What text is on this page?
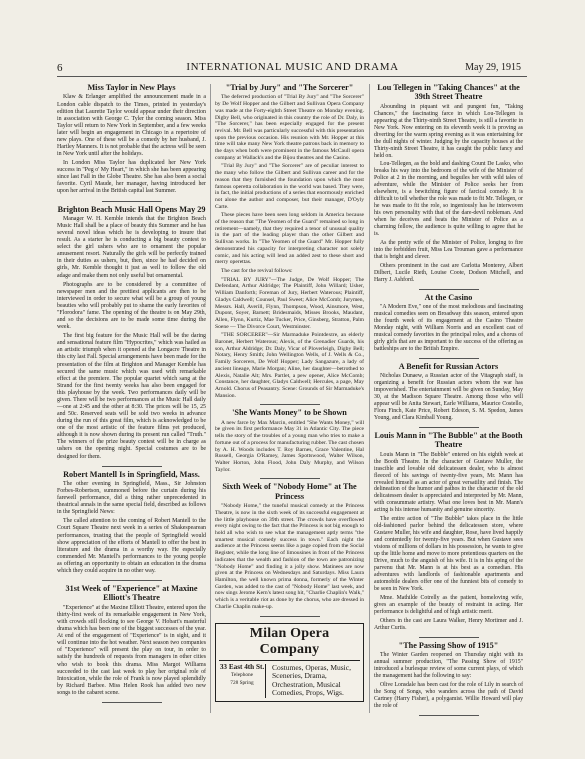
6	INTERNATIONAL MUSIC AND DRAMA	May 29, 1915
Miss Taylor in New Plays

Klaw & Erlanger amplified the announcement made in a London cable dispatch to the Times, printed in yesterday's edition that Laurette Taylor would appear under their direction in association with George C. Tyler the coming season. Miss Taylor will return to New York in September, and a few weeks later will begin an engagement in Chicago in a repertoire of new plays. One of these will be a comedy by her husband, J. Hartley Manners. It is not probable that the actress will be seen in New York until after the holidays.

In London Miss Taylor has duplicated her New York success in "Peg o' My Heart," in which she has been appearing since last Fall in the Globe Theatre. She has also been a social favorite. Cyril Maude, her manager, having introduced her upon her arrival in the British capital last Summer.

Brighton Beach Music Hall Opens May 29

Manager W. H. Kemble intends that the Brighton Beach Music Hall shall be a place of beauty this Summer and he has several novel ideas which he is developing to insure that result. As a starter he is conducting a big beauty contest to select the girl ushers who are to ornament the popular amusement resort. Naturally the girls will be perfectly trained in their duties as ushers, but, then, since he had decided on girls, Mr. Kemble thought it just as well to follow the old adage and make them not only useful but ornamental.

Photographs are to be considered by a committee of newspaper men and the prettiest applicants are then to be interviewed in order to secure what will be a group of young beauties who will probably put to shame the early favorites of "Florodora" fame. The opening of the theatre is on May 29th, and so the decisions are to be made some time during the week.

The first big feature for the Music Hall will be the daring and sensational feature film "Hypocrites," which was hailed as an artistic triumph when it opened at the Longacre Theatre in this city last Fall. Special arrangements have been made for the presentation of the film at Brighton and Manager Kemble has secured the same music which was used with remarkable effect at the premiere. The popular quartet which sang at the Strand for the first twenty weeks has also been engaged for this playhouse by the week. Two performances daily will be given. There will be two performances at the Music Hall daily—one at 2:45 and the other at 8:30. The prices will be 15, 25 and 50c. Reserved seats will be sold two weeks in advance during the run of this great film, which is acknowledged to be one of the most artistic of the feature films yet produced, although it is now shown during its present run called "Truth." The winners of the prize beauty contest will be in charge as ushers on the opening night. Special costumes are to be designed for them.

Robert Mantell Is in Springfield, Mass.

The other evening in Springfield, Mass., Sir Johnston Forbes-Robertson, summoned before the curtain during his farewell performance, did a thing rather unprecedented in theatrical annals in the same special field, described as follows in the Springfield News:

The called attention to the coming of Robert Mantell to the Court Square Theatre next week in a series of Shakespearean performances, trusting that the people of Springfield would show appreciation of the efforts of Mantell to offer the best in literature and the drama in a worthy way. He especially commended Mr. Mantell's performances to the young people as offering an opportunity to obtain an education in the drama which they could acquire in no other way.

31st Week of "Experience" at Maxine Elliott's Theatre

"Experience" at the Maxine Elliott Theatre, entered upon the thirty-first week of its remarkable engagement in New York, with crowds still flocking to see George V. Hobart's masterful drama which has been one of the biggest successes of the year. At end of the engagement of "Experience" is in sight, and it will continue into the hot weather. Next season two companies of "Experience" will present the play on tour, in order to satisfy the hundreds of requests from managers in other cities who wish to book this drama. Miss Margot Williams succeeded to the cast last week to play her original role of Intoxication, while the role of Frank is now played splendidly by Richard Barbee. Miss Helen Rook has added two new songs to the cabaret scene.

"Trial by Jury" and "The Sorcerer"

The deferred production of "Trial By Jury" and "The Sorcerer" by De Wolf Hopper and the Gilbert and Sullivan Opera Company was made at the Forty-eighth Street Theatre on Monday evening. Digby Bell, who originated in this country the role of Dr. Daly, in "The Sorcerer," has been especially engaged for the present revival. Mr. Bell was particularly successful with this presentation upon the previous occasion. His reunion with Mr. Hopper at this time will take many New York theatre patrons back in memory to the days when both were prominent in the famous McCaull opera company at Wallack's and the Bijou theatres and the Casino.

"Trial By Jury" and "The Sorcerer" are of peculiar interest to the many who follow the Gilbert and Sullivan career and for the reason that they furnished the foundation upon which the most famous operetta collaboration in the world was based. They were, in fact, the initial productions of a series that enormously enriched not alone the author and composer, but their manager, D'Oyly Carte.

These pieces have been seen long seldom in America because of the reason that "The Yeomen of the Guard" remained so long in retirement—namely, that they required a tenor of unusual quality in the part of the leading player than the other Gilbert and Sullivan works. In "The Yeomen of the Guard" Mr. Hopper fully demonstrated his capacity for interpreting character not solely comic, and his acting will lend an added zest to these short and merry operettas.

The cast for the revival follows:

"TRIAL BY JURY"—The Judge, De Wolf Hopper; The Defendant, Arthur Aldridge; The Plaintiff, John Willard; Usher, William Danforth; Foreman of Jury, Herbert Waterous; Plaintiff, Gladys Caldwell; Counsel, Paul Sweet; Alice McComb; Jurymen, Messrs. Hall, Averill, Flynn, Thompson, Wood, Ainsmore, West, Dupont, Soyer, Barnett; Bridesmaids, Misses Brooks, Maudant, Allen, Flynn, Kurtiz, Mae Tucker, Price, Ginsberg, Stratton, Palm Soene — The Divorce Court, Westminster.

"THE SORCERER"—Sir Marmaduke Pointdextre, an elderly Baronet, Herbert Waterous; Alexis, of the Grenadier Guards, his son, Arthur Aldridge; Dr. Daly, Vicar of Ploverleigh, Digby Bell; Notary, Henry Smith; John Wellington Wells, of J. Wells & Co., Family Sorcerers, De Wolf Hopper; Lady Sangazure, a lady of ancient lineage, Marie Morgan; Aline, her daughter—betrothed to Alexis, Natalie Alt; Mrs. Partlet, a pew opener, Alice McComb; Constance, her daughter, Gladys Caldwell; Hercules, a page, May Arnold. Chorus of Peasantry. Scene: Grounds of Sir Marmaduke's Mansion.

'She Wants Money" to be Shown

A new farce by Max Marcin, entitled "She Wants Money," will be given its first performance May 31 in Atlantic City. The piece tells the story of the troubles of a young man who tries to make a fortune out of a process for manufacturing rubber. The cast chosen by A. H. Woods includes T. Roy Barnes, Grace Valentine, Hal Russell, Georgia O'Ramey, James Spottswood, Walter Wilson, Walter Horton, John Flood, John Daly Murphy, and Wilson Taylor.

Sixth Week of "Nobody Home" at The Princess

"Nobody Home," the tuneful musical comedy at the Princess Theatre, is now in the sixth week of its successful engagement at the little playhouse on 39th street. The crowds have overflowed every night owing to the fact that the Princess is not big enough to hold all who wish to see what the management aptly terms "the smartest musical comedy success in town." Each night the audience at the Princess seems like a page copied from the Social Register, while the long line of limousines in front of the Princess indicates that the wealth and fashion of the town are patronizing "Nobody Home" and finding it a jolly show. Matinees are now given at the Princess on Wednesdays and Saturdays. Miss Laura Hamilton, the well known prima donna, formerly of the Winter Garden, was added to the cast of "Nobody Home" last week, and now sings Jerome Kern's latest song hit, "Charlie Chaplin's Walk," which is a veritable riot as done by the chorus, who are dressed in Charlie Chaplin make-up.

Milan Opera Company
33 East 4th St.
Telephone
728 Spring
Costumes, Operas, Music, Sceneries, Drama, Orchestration, Musical Comedies, Props, Wigs.
Lou Tellegen in "Taking Chances" at the 39th Street Theatre

Abounding in piquant wit and pungent fun, "Taking Chances," the fascinating farce in which Lou-Tellegen is appearing at the Thirty-ninth Street Theatre, is still a favorite in New York. Now entering on its eleventh week it is proving as diverting for the warm spring evening as it was entertaining for the dull nights of winter. Judging by the capacity houses at the Thirty-ninth Street Theatre, it has caught the public fancy and held on.

Lou-Tellegen, as the bold and dashing Count De Lasko, who breaks his way into the bedroom of the wife of the Minister of Police at 2 in the morning, and beguiles her with wild tales of adventure, while the Minister of Police seeks her from elsewhere, is a bewitching figure of farcical comedy. It is difficult to tell whether the role was made to fit Mr. Tellegen, or he was made to fit the role, so ingeniously has he interwoven his own personality with that of the dare-devil nobleman. And when he deceives and beats the Minister of Police as a charming fellow, the audience is quite willing to agree that he is.

As the pretty wife of the Minister of Police, longing to fire into the forbidden fruit, Miss Lea Trouman gave a performance that is bright and clever.

Others prominent in the cast are Carlotta Monterey, Albert Dilbert, Lucile Rieth, Louise Coote, Dodson Mitchell, and Harry J. Ashford.

At the Casino

"A Modern Eve," one of the most melodious and fascinating musical comedies seen on Broadway this season, entered upon the fourth week of its engagement at the Casino Theatre Monday night, with William Norris and an excellent cast of musical comedy favorites in the principal roles, and a chorus of girly girls that are as important to the success of the offering as battleships are to the British Empire.

A Benefit for Russian Actors

Nicholas Dunaew, a Russian actor of the Vitagraph staff, is organizing a benefit for Russian actors whom the war has impoverished. The entertainment will be given on Sunday, May 30, at the Madison Square Theatre. Among those who will appear will be Anita Stewart, Earle Williams, Maurice Costello, Flora Finch, Kate Price, Robert Edeson, S. M. Spedon, James Young, and Clara Kimball Young.

Louis Mann in "The Bubble" at the Booth Theatre

Louis Mann in "The Bubble" entered on his eighth week at the Booth Theatre. In the character of Gustave Muller, the irascible and lovable old delicatessen dealer, who is almost fleeced of his savings of twenty-five years, Mr. Mann has revealed himself as an actor of great versatility and finish. The delineation of the humor and pathos in the character of the old delicatessen dealer is appreciated and interpreted by Mr. Mann, with consummate artistry. What one loves best in Mr. Mann's acting is his intense humanity and genuine sincerity.

The entire action of "The Bubble" takes place in the little old-fashioned parlor behind the delicatessen store, where Gustave Muller, his wife and daughter, Rose, have lived happily and contentedly for twenty-five years. But when Gustave sees visions of millions of dollars in his possession, he wants to give up the little home and move to more pretentious quarters on the Drive, much to the anguish of his wife. It is in his aping of the parvenu that Mr. Mann is at his best as a comedian. His adventures with landlords of fashionable apartments and automobile dealers offer one of the funniest bits of comedy to be seen in New York.

Mme. Mathilde Cotrelly as the patient, homeloving wife, gives an example of the beauty of restraint in acting. Her performance is delightful and of high artistic merit.

Others in the cast are Laura Walker, Henry Mortimer and J. Arthur Curtis.

"The Passing Show of 1915"

The Winter Garden reopened on Thursday night with its annual summer production, "The Passing Show of 1915" introduced a burlesque review of some current plays, of which the management had the following to say:

Olive Lonsdale has been cast for the role of Lily in search of the Song of Songs, who wanders across the path of David Cartney (Harry Fisher), a polygamist. Willie Howard will play the role of
